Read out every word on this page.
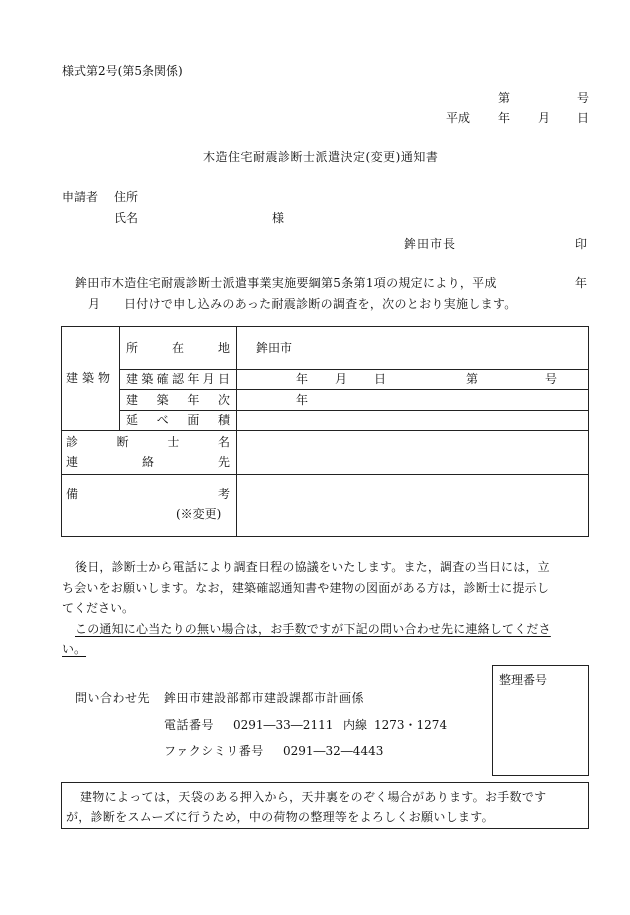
様式第2号(第5条関係)
第	号
平成 年 月 日
木造住宅耐震診断士派遣決定(変更)通知書
申請者 住所
氏名	様
鉾田市長	印
鉾田市木造住宅耐震診断士派遣事業実施要綱第5条第1項の規定により，平成	年
月 日付けで申し込みのあった耐震診断の調査を，次のとおり実施します。
建築物
所	在	地 鉾田市
建 築 確 認 年 月 日	年 月 日	第	号
建 築 年 次	年
延 べ 面 積
診	断	士	名
連	絡	先
備	考
(※変更)
後日，診断士から電話により調査日程の協議をいたします。また，調査の当日には，立
ち会いをお願いします。なお，建築確認通知書や建物の図面がある方は，診断士に提示し
てください。
この通知に心当たりの無い場合は，お手数ですが下記の問い合わせ先に連絡してくださ
い。
整理番号
問い合わせ先 鉾田市建設部都市建設課都市計画係
電話番号 0291―33―2111 内線 1273・1274
ファクシミリ番号 0291―32―4443
建物によっては，天袋のある押入から，天井裏をのぞく場合があります。お手数です
が，診断をスムーズに行うため，中の荷物の整理等をよろしくお願いします。
